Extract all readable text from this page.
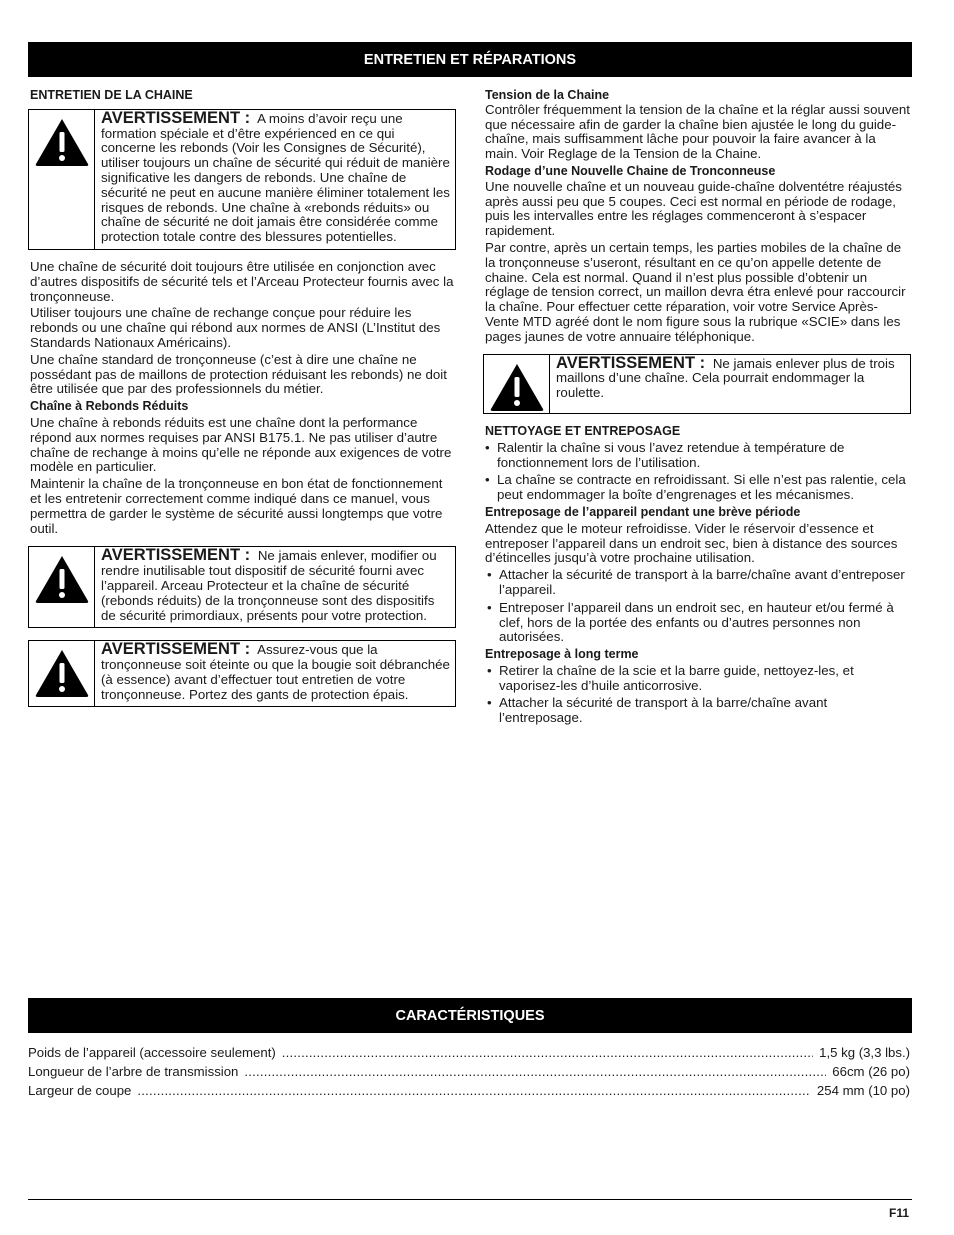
ENTRETIEN ET RÉPARATIONS

ENTRETIEN DE LA CHAINE

AVERTISSEMENT : A moins d’avoir reçu une formation spéciale et d’être expérienced en ce qui concerne les rebonds (Voir les Consignes de Sécurité), utiliser toujours un chaîne de sécurité qui réduit de manière significative les dangers de rebonds. Une chaîne de sécurité ne peut en aucune manière éliminer totalement les risques de rebonds. Une chaîne à «rebonds réduits» ou chaîne de sécurité ne doit jamais être considérée comme protection totale contre des blessures potentielles.

Une chaîne de sécurité doit toujours être utilisée en conjonction avec d’autres dispositifs de sécurité tels et l’Arceau Protecteur fournis avec la tronçonneuse.

Utiliser toujours une chaîne de rechange conçue pour réduire les rebonds ou une chaîne qui rébond aux normes de ANSI (L’Institut des Standards Nationaux Américains).

Une chaîne standard de tronçonneuse (c’est à dire une chaîne ne possédant pas de maillons de protection réduisant les rebonds) ne doit être utilisée que par des professionnels du métier.

Chaîne à Rebonds Réduits

Une chaîne à rebonds réduits est une chaîne dont la performance répond aux normes requises par ANSI B175.1. Ne pas utiliser d’autre chaîne de rechange à moins qu’elle ne réponde aux exigences de votre modèle en particulier.

Maintenir la chaîne de la tronçonneuse en bon état de fonctionnement et les entretenir correctement comme indiqué dans ce manuel, vous permettra de garder le système de sécurité aussi longtemps que votre outil.

AVERTISSEMENT : Ne jamais enlever, modifier ou rendre inutilisable tout dispositif de sécurité fourni avec l’appareil. Arceau Protecteur et la chaîne de sécurité (rebonds réduits) de la tronçonneuse sont des dispositifs de sécurité primordiaux, présents pour votre protection.
AVERTISSEMENT : Assurez-vous que la tronçonneuse soit éteinte ou que la bougie soit débranchée (à essence) avant d’effectuer tout entretien de votre tronçonneuse. Portez des gants de protection épais.

Tension de la Chaine

Contrôler fréquemment la tension de la chaîne et la réglar aussi souvent que nécessaire afin de garder la chaîne bien ajustée le long du guide-chaîne, mais suffisamment lâche pour pouvoir la faire avancer à la main. Voir Reglage de la Tension de la Chaine.

Rodage d’une Nouvelle Chaine de Tronconneuse

Une nouvelle chaîne et un nouveau guide-chaîne dolventétre réajustés après aussi peu que 5 coupes. Ceci est normal en période de rodage, puis les intervalles entre les réglages commenceront à s’espacer rapidement.

Par contre, après un certain temps, les parties mobiles de la chaîne de la tronçonneuse s’useront, résultant en ce qu’on appelle detente de chaine. Cela est normal. Quand il n’est plus possible d’obtenir un réglage de tension correct, un maillon devra étra enlevé pour raccourcir la chaîne. Pour effectuer cette réparation, voir votre Service Après-Vente MTD agréé dont le nom figure sous la rubrique «SCIE» dans les pages jaunes de votre annuaire téléphonique.

AVERTISSEMENT : Ne jamais enlever plus de trois maillons d’une chaîne. Cela pourrait endommager la roulette.

NETTOYAGE ET ENTREPOSAGE

• Ralentir la chaîne si vous l’avez retendue à température de fonctionnement lors de l’utilisation.
• La chaîne se contracte en refroidissant. Si elle n’est pas ralentie, cela peut endommager la boîte d’engrenages et les mécanismes.

Entreposage de l’appareil pendant une brève période

Attendez que le moteur refroidisse. Vider le réservoir d’essence et entreposer l’appareil dans un endroit sec, bien à distance des sources d’étincelles jusqu’à votre prochaine utilisation.

• Attacher la sécurité de transport à la barre/chaîne avant d’entreposer l’appareil.
• Entreposer l’appareil dans un endroit sec, en hauteur et/ou fermé à clef, hors de la portée des enfants ou d’autres personnes non autorisées.

Entreposage à long terme

• Retirer la chaîne de la scie et la barre guide, nettoyez-les, et vaporisez-les d’huile anticorrosive.
• Attacher la sécurité de transport à la barre/chaîne avant l’entreposage.
CARACTÉRISTIQUES
Poids de l’appareil (accessoire seulement) .....	1,5 kg (3,3 lbs.)
Longueur de l’arbre de transmission .....	66cm (26 po)
Largeur de coupe .....	254 mm (10 po)
F11
